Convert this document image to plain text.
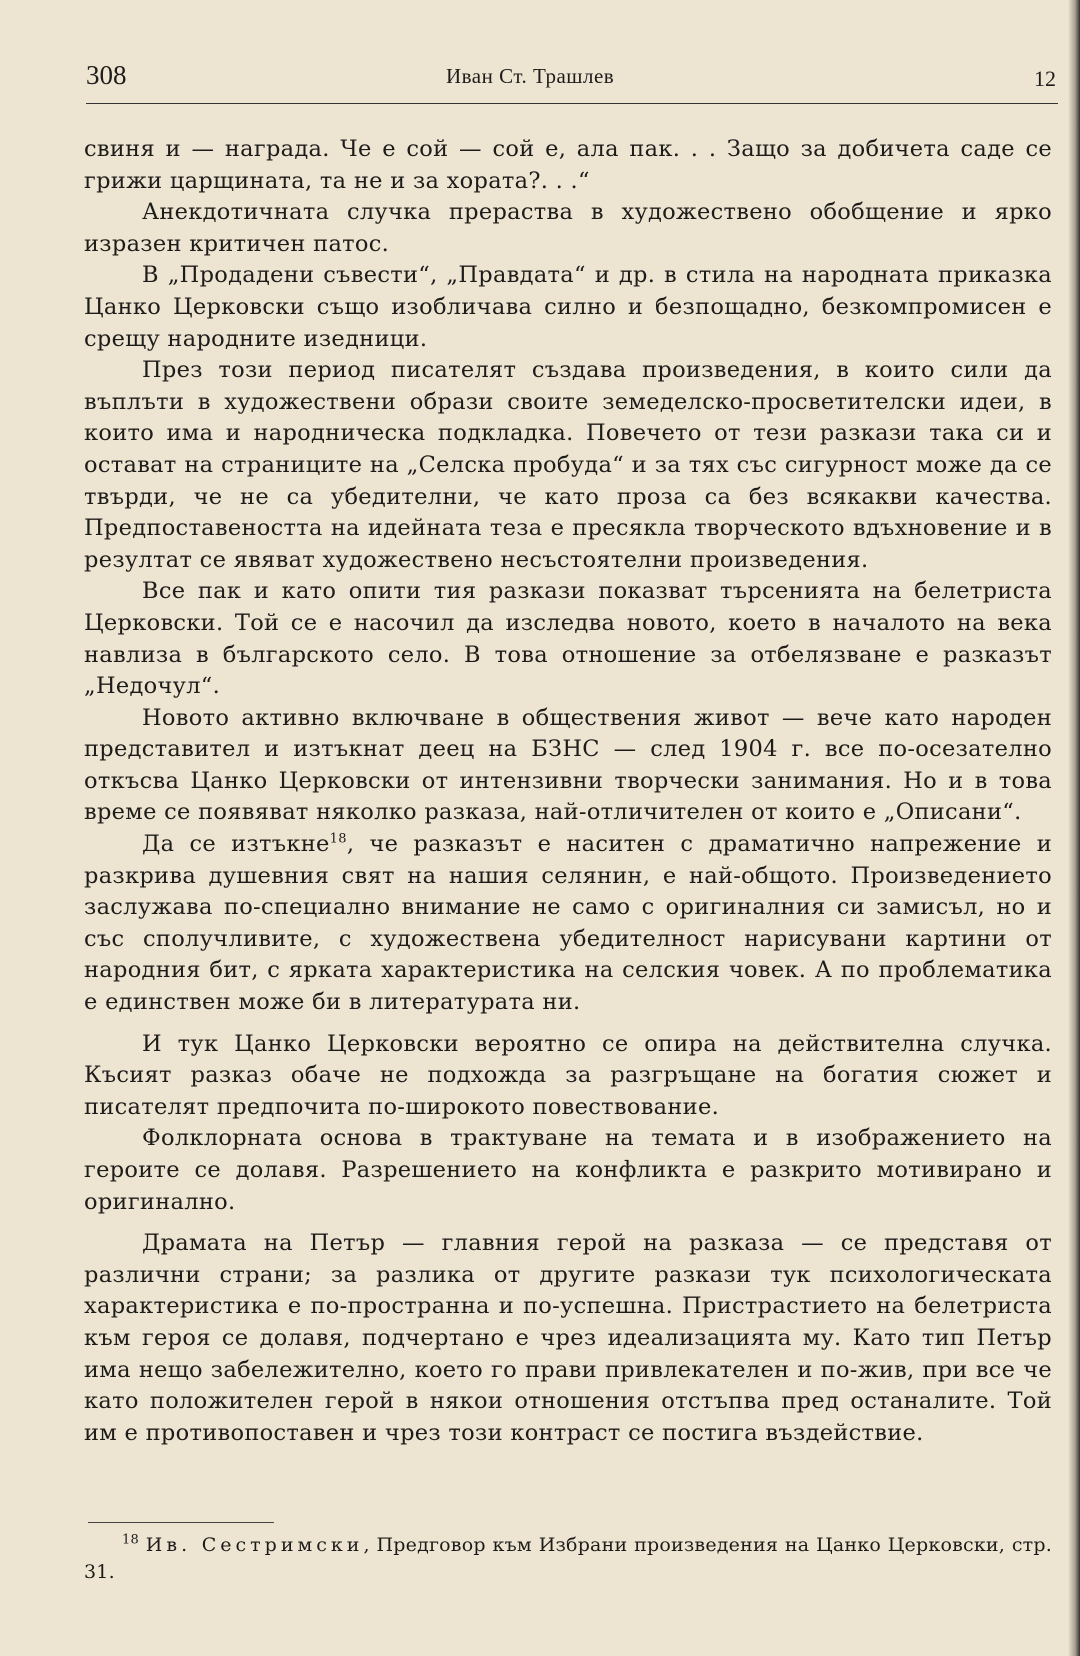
308	Иван Ст. Трашлев	12

свиня и — награда. Че е сой — сой е, ала пак. . . Защо за добичета саде се грижи царщината, та не и за хората?. . .“

Анекдотичната случка прераства в художествено обобщение и ярко изразен критичен патос.

В „Продадени съвести“, „Правдата“ и др. в стила на народната приказка Цанко Церковски също изобличава силно и безпощадно, безкомпромисен е срещу народните изедници.

През този период писателят създава произведения, в които сили да въплъти в художествени образи своите земеделско-просветителски идеи, в които има и народническа подкладка. Повечето от тези разкази така си и остават на страниците на „Селска пробуда“ и за тях със сигурност може да се твърди, че не са убедителни, че като проза са без всякакви качества. Предпоставеността на идейната теза е пресякла творческото вдъхновение и в резултат се явяват художествено несъстоятелни произведения.

Все пак и като опити тия разкази показват търсенията на белетриста Церковски. Той се е насочил да изследва новото, което в началото на века навлиза в българското село. В това отношение за отбелязване е разказът „Недочул“.

Новото активно включване в обществения живот — вече като народен представител и изтъкнат деец на БЗНС — след 1904 г. все по-осезателно откъсва Цанко Церковски от интензивни творчески занимания. Но и в това време се появяват няколко разказа, най-отличителен от които е „Описани“.

Да се изтъкне$^{18}$, че разказът е наситен с драматично напрежение и разкрива душевния свят на нашия селянин, е най-общото. Произведението заслужава по-специално внимание не само с оригиналния си замисъл, но и със сполучливите, с художествена убедителност нарисувани картини от народния бит, с ярката характеристика на селския човек. А по проблематика е единствен може би в литературата ни.

И тук Цанко Церковски вероятно се опира на действителна случка. Късият разказ обаче не подхожда за разгръщане на богатия сюжет и писателят предпочита по-широкото повествование.

Фолклорната основа в трактуване на темата и в изображението на героите се долавя. Разрешението на конфликта е разкрито мотивирано и оригинално.

Драмата на Петър — главния герой на разказа — се представя от различни страни; за разлика от другите разкази тук психологическата характеристика е по-пространна и по-успешна. Пристрастието на белетриста към героя се долавя, подчертано е чрез идеализацията му. Като тип Петър има нещо забележително, което го прави привлекателен и по-жив, при все че като положителен герой в някои отношения отстъпва пред останалите. Той им е противопоставен и чрез този контраст се постига въздействие.

$^{18}$ Ив. Сестримски, Предговор към Избрани произведения на Цанко Церковски, стр. 31.
